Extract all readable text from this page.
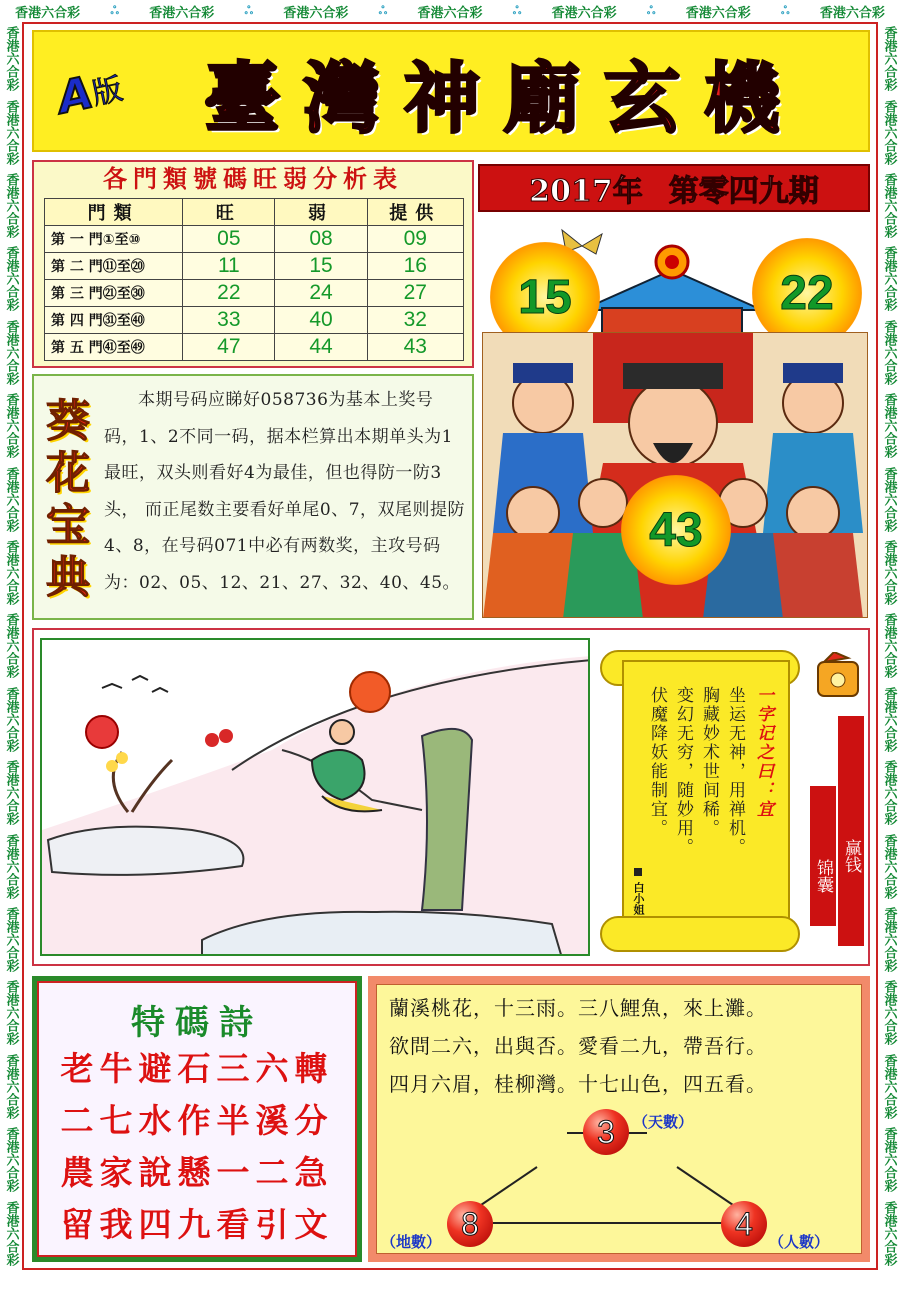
香港六合彩	ஃ 香港六合彩	ஃ 香港六合彩	ஃ 香港六合彩	ஃ 香港六合彩	ஃ 香港六合彩	ஃ 香港六合彩
香港六合彩
香港六合彩
香港六合彩
香港六合彩
香港六合彩
香港六合彩
香港六合彩
香港六合彩
香港六合彩
香港六合彩
香港六合彩
香港六合彩
香港六合彩
香港六合彩
香港六合彩
香港六合彩
香港六合彩
香港六合彩
香港六合彩
香港六合彩
香港六合彩
香港六合彩
香港六合彩
香港六合彩
香港六合彩
香港六合彩
香港六合彩
香港六合彩
香港六合彩
香港六合彩
香港六合彩
香港六合彩
香港六合彩
香港六合彩
A
版	臺灣神廟玄機
各門類號碼旺弱分析表
門類	旺	弱	提供
第 一 門①至⑩	05	08	09
第 二 門⑪至⑳	11	15	16
第 三 門㉑至㉚	22	24	27
第 四 門㉛至㊵	33	40	32
第 五 門㊶至㊾	47	44	43
2017年 第零四九期
15	22
43
葵
花
宝
典
本期号码应睇好058736为基本上奖号码，1、2不同一码，据本栏算出本期单头为1最旺，双头则看好4为最佳，但也得防一防3头， 而正尾数主要看好单尾0、7，双尾则提防4、8，在号码071中必有两数奖，主攻号码为：02、05、12、21、27、32、40、45。
一字记之曰：宜
坐运无神，用禅机。
胸藏妙术世间稀。
变幻无穷，随妙用。
伏魔降妖能制宜。
白小姐
锦囊
赢钱
特碼詩
老牛避石三六轉
二七水作半溪分
農家說懸一二急
留我四九看引文
蘭溪桃花，十三雨。三八鯉魚，來上灘。
欲問二六，出與否。愛看二九，帶吾行。
四月六眉，桂柳灣。十七山色，四五看。
3	（天數）
8
（地數）
4
（人數）
